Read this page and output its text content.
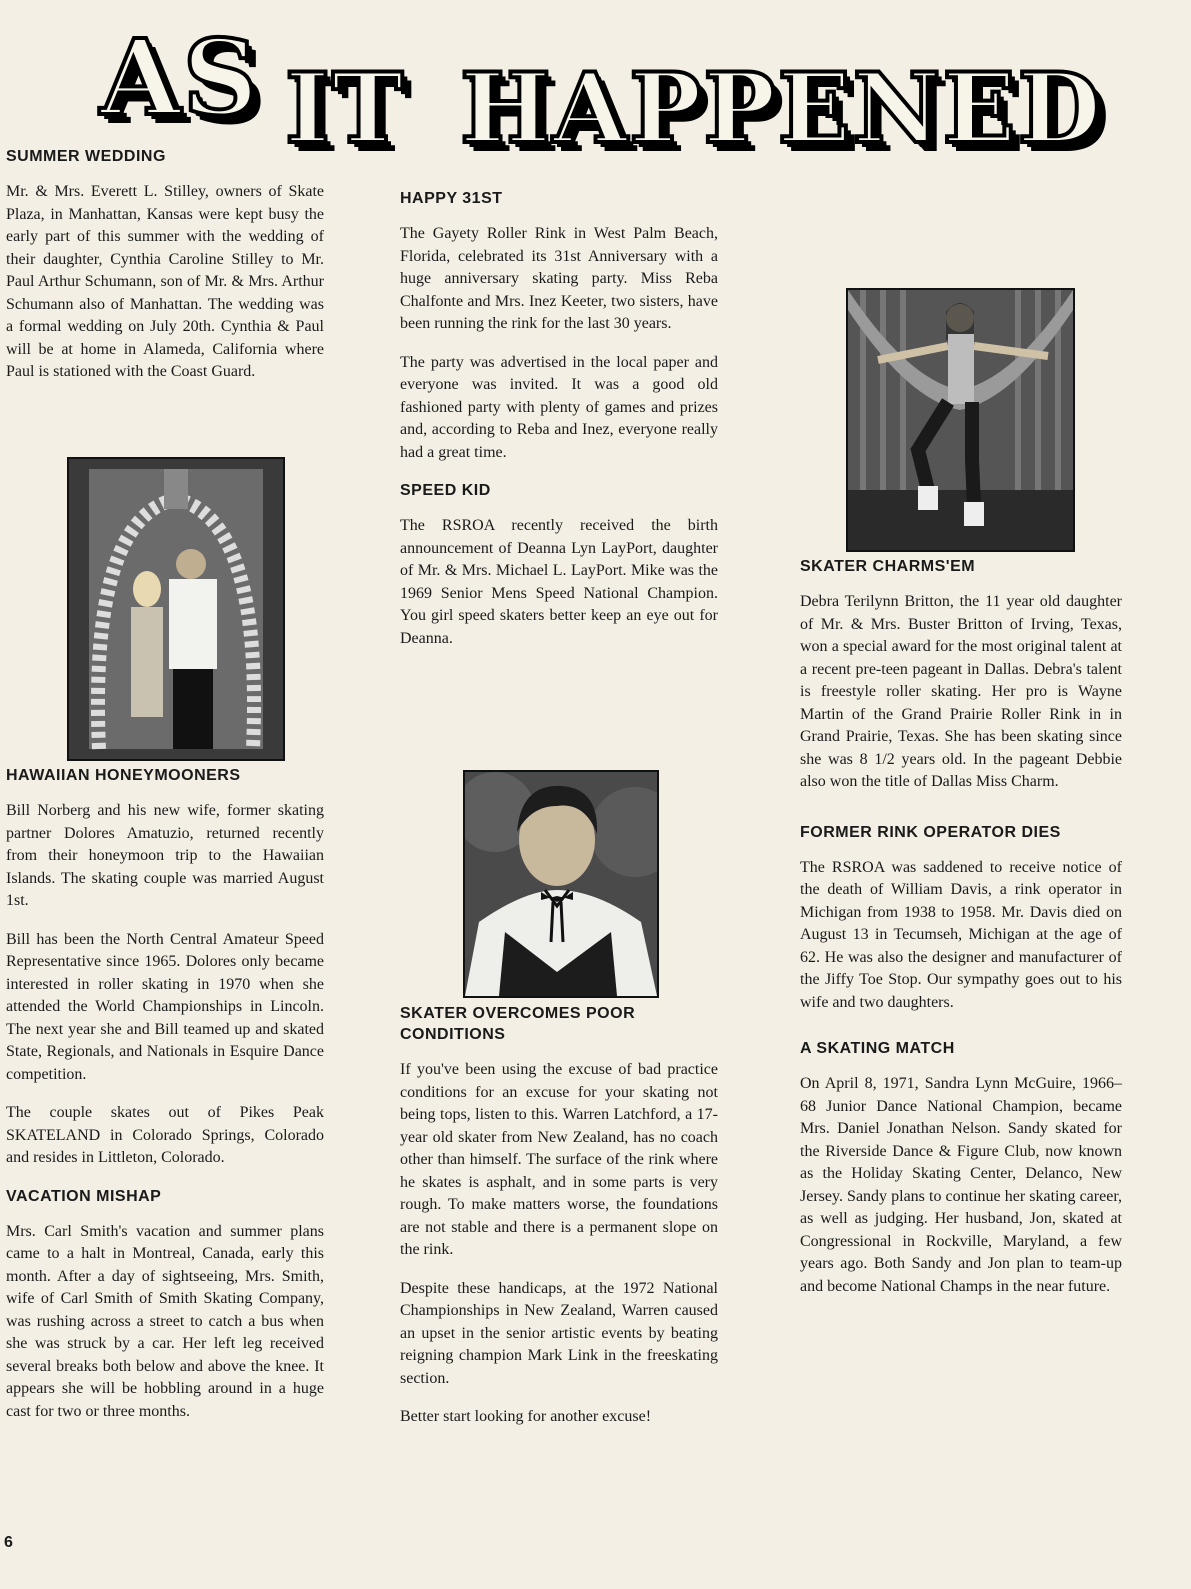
AS IT HAPPENED
SUMMER WEDDING

Mr. & Mrs. Everett L. Stilley, owners of Skate Plaza, in Manhattan, Kansas were kept busy the early part of this summer with the wedding of their daughter, Cynthia Caroline Stilley to Mr. Paul Arthur Schumann, son of Mr. & Mrs. Arthur Schumann also of Manhattan. The wedding was a formal wedding on July 20th. Cynthia & Paul will be at home in Alameda, California where Paul is stationed with the Coast Guard.

HAWAIIAN HONEYMOONERS

Bill Norberg and his new wife, former skating partner Dolores Amatuzio, returned recently from their honeymoon trip to the Hawaiian Islands. The skating couple was married August 1st.

Bill has been the North Central Amateur Speed Representative since 1965. Dolores only became interested in roller skating in 1970 when she attended the World Championships in Lincoln. The next year she and Bill teamed up and skated State, Regionals, and Nationals in Esquire Dance competition.

The couple skates out of Pikes Peak SKATELAND in Colorado Springs, Colorado and resides in Littleton, Colorado.

VACATION MISHAP

Mrs. Carl Smith's vacation and summer plans came to a halt in Montreal, Canada, early this month. After a day of sightseeing, Mrs. Smith, wife of Carl Smith of Smith Skating Company, was rushing across a street to catch a bus when she was struck by a car. Her left leg received several breaks both below and above the knee. It appears she will be hobbling around in a huge cast for two or three months.

6
HAPPY 31ST

The Gayety Roller Rink in West Palm Beach, Florida, celebrated its 31st Anniversary with a huge anniversary skating party. Miss Reba Chalfonte and Mrs. Inez Keeter, two sisters, have been running the rink for the last 30 years.

The party was advertised in the local paper and everyone was invited. It was a good old fashioned party with plenty of games and prizes and, according to Reba and Inez, everyone really had a great time.

SPEED KID

The RSROA recently received the birth announcement of Deanna Lyn LayPort, daughter of Mr. & Mrs. Michael L. LayPort. Mike was the 1969 Senior Mens Speed National Champion. You girl speed skaters better keep an eye out for Deanna.

SKATER OVERCOMES POOR CONDITIONS

If you've been using the excuse of bad practice conditions for an excuse for your skating not being tops, listen to this. Warren Latchford, a 17-year old skater from New Zealand, has no coach other than himself. The surface of the rink where he skates is asphalt, and in some parts is very rough. To make matters worse, the foundations are not stable and there is a permanent slope on the rink.

Despite these handicaps, at the 1972 National Championships in New Zealand, Warren caused an upset in the senior artistic events by beating reigning champion Mark Link in the freeskating section.

Better start looking for another excuse!

SKATER CHARMS'EM

Debra Terilynn Britton, the 11 year old daughter of Mr. & Mrs. Buster Britton of Irving, Texas, won a special award for the most original talent at a recent pre-teen pageant in Dallas. Debra's talent is freestyle roller skating. Her pro is Wayne Martin of the Grand Prairie Roller Rink in in Grand Prairie, Texas. She has been skating since she was 8 1/2 years old. In the pageant Debbie also won the title of Dallas Miss Charm.

FORMER RINK OPERATOR DIES

The RSROA was saddened to receive notice of the death of William Davis, a rink operator in Michigan from 1938 to 1958. Mr. Davis died on August 13 in Tecumseh, Michigan at the age of 62. He was also the designer and manufacturer of the Jiffy Toe Stop. Our sympathy goes out to his wife and two daughters.

A SKATING MATCH

On April 8, 1971, Sandra Lynn McGuire, 1966–68 Junior Dance National Champion, became Mrs. Daniel Jonathan Nelson. Sandy skated for the Riverside Dance & Figure Club, now known as the Holiday Skating Center, Delanco, New Jersey. Sandy plans to continue her skating career, as well as judging. Her husband, Jon, skated at Congressional in Rockville, Maryland, a few years ago. Both Sandy and Jon plan to team-up and become National Champs in the near future.
